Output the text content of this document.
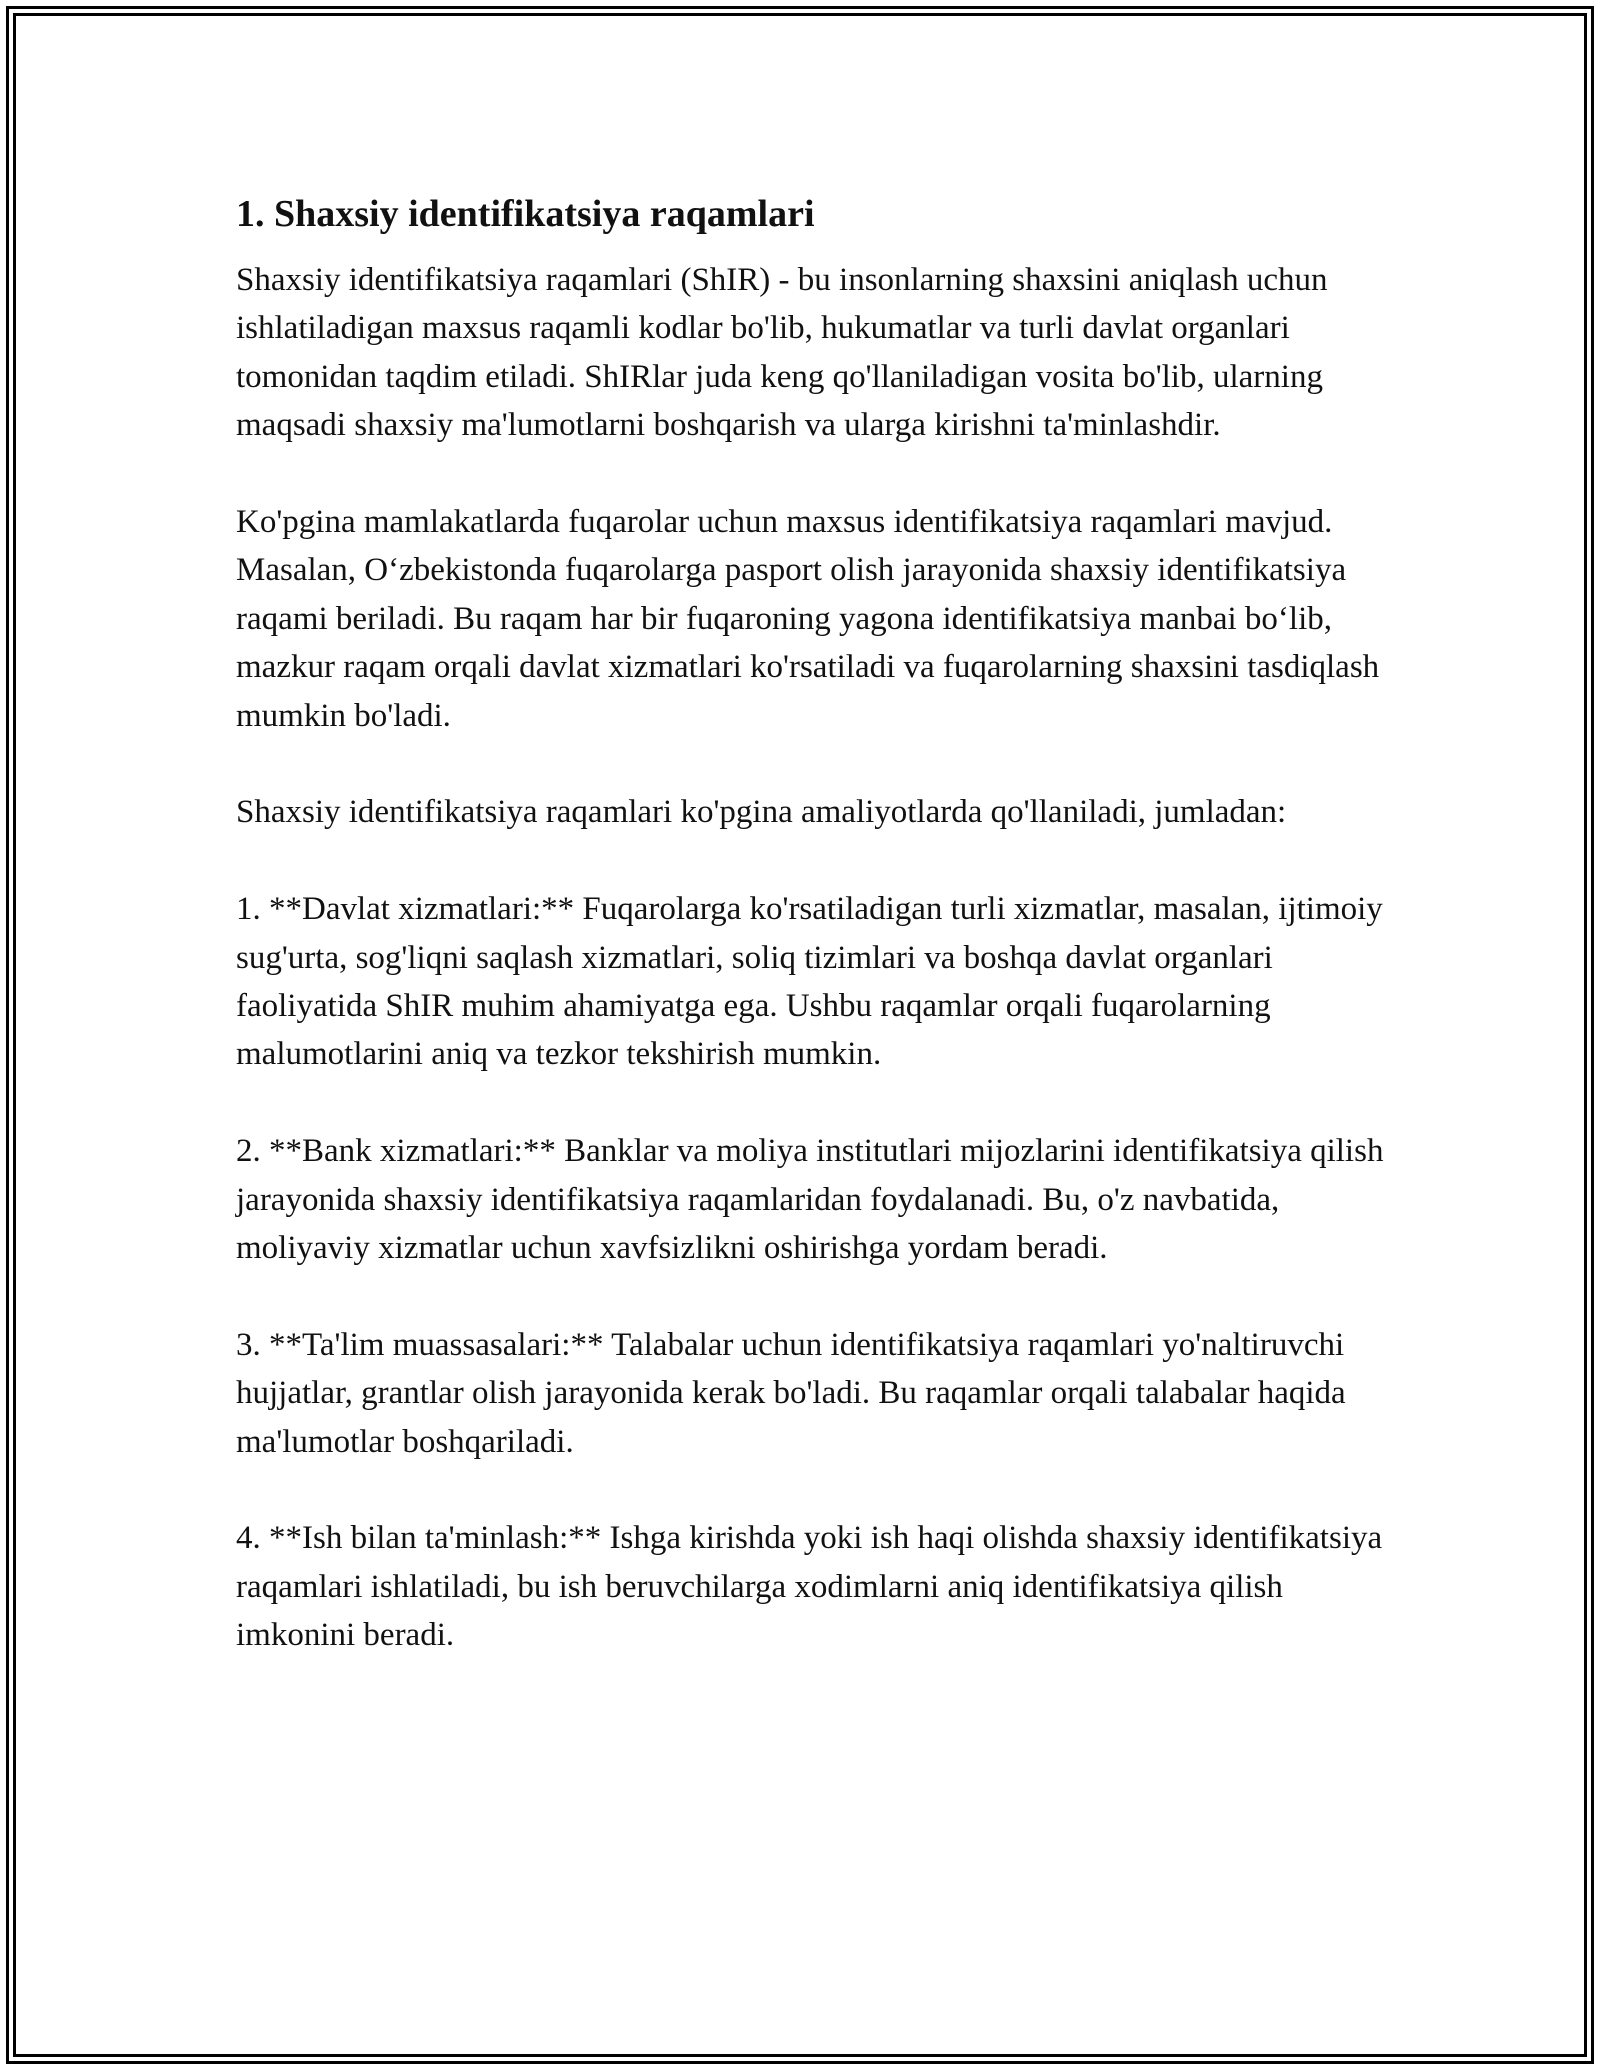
1. Shaxsiy identifikatsiya raqamlari

Shaxsiy identifikatsiya raqamlari (ShIR) - bu insonlarning shaxsini aniqlash uchun ishlatiladigan maxsus raqamli kodlar bo'lib, hukumatlar va turli davlat organlari tomonidan taqdim etiladi. ShIRlar juda keng qo'llaniladigan vosita bo'lib, ularning maqsadi shaxsiy ma'lumotlarni boshqarish va ularga kirishni ta'minlashdir.

Ko'pgina mamlakatlarda fuqarolar uchun maxsus identifikatsiya raqamlari mavjud. Masalan, O‘zbekistonda fuqarolarga pasport olish jarayonida shaxsiy identifikatsiya raqami beriladi. Bu raqam har bir fuqaroning yagona identifikatsiya manbai bo‘lib, mazkur raqam orqali davlat xizmatlari ko'rsatiladi va fuqarolarning shaxsini tasdiqlash mumkin bo'ladi.

Shaxsiy identifikatsiya raqamlari ko'pgina amaliyotlarda qo'llaniladi, jumladan:

1. **Davlat xizmatlari:** Fuqarolarga ko'rsatiladigan turli xizmatlar, masalan, ijtimoiy sug'urta, sog'liqni saqlash xizmatlari, soliq tizimlari va boshqa davlat organlari faoliyatida ShIR muhim ahamiyatga ega. Ushbu raqamlar orqali fuqarolarning malumotlarini aniq va tezkor tekshirish mumkin.

2. **Bank xizmatlari:** Banklar va moliya institutlari mijozlarini identifikatsiya qilish jarayonida shaxsiy identifikatsiya raqamlaridan foydalanadi. Bu, o'z navbatida, moliyaviy xizmatlar uchun xavfsizlikni oshirishga yordam beradi.

3. **Ta'lim muassasalari:** Talabalar uchun identifikatsiya raqamlari yo'naltiruvchi hujjatlar, grantlar olish jarayonida kerak bo'ladi. Bu raqamlar orqali talabalar haqida ma'lumotlar boshqariladi.

4. **Ish bilan ta'minlash:** Ishga kirishda yoki ish haqi olishda shaxsiy identifikatsiya raqamlari ishlatiladi, bu ish beruvchilarga xodimlarni aniq identifikatsiya qilish imkonini beradi.
